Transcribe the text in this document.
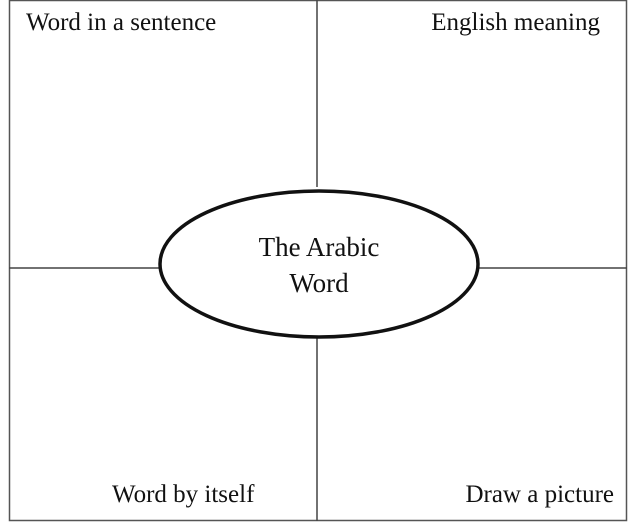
Word in a sentence	English meaning
Word by itself	Draw a picture
The Arabic
Word
